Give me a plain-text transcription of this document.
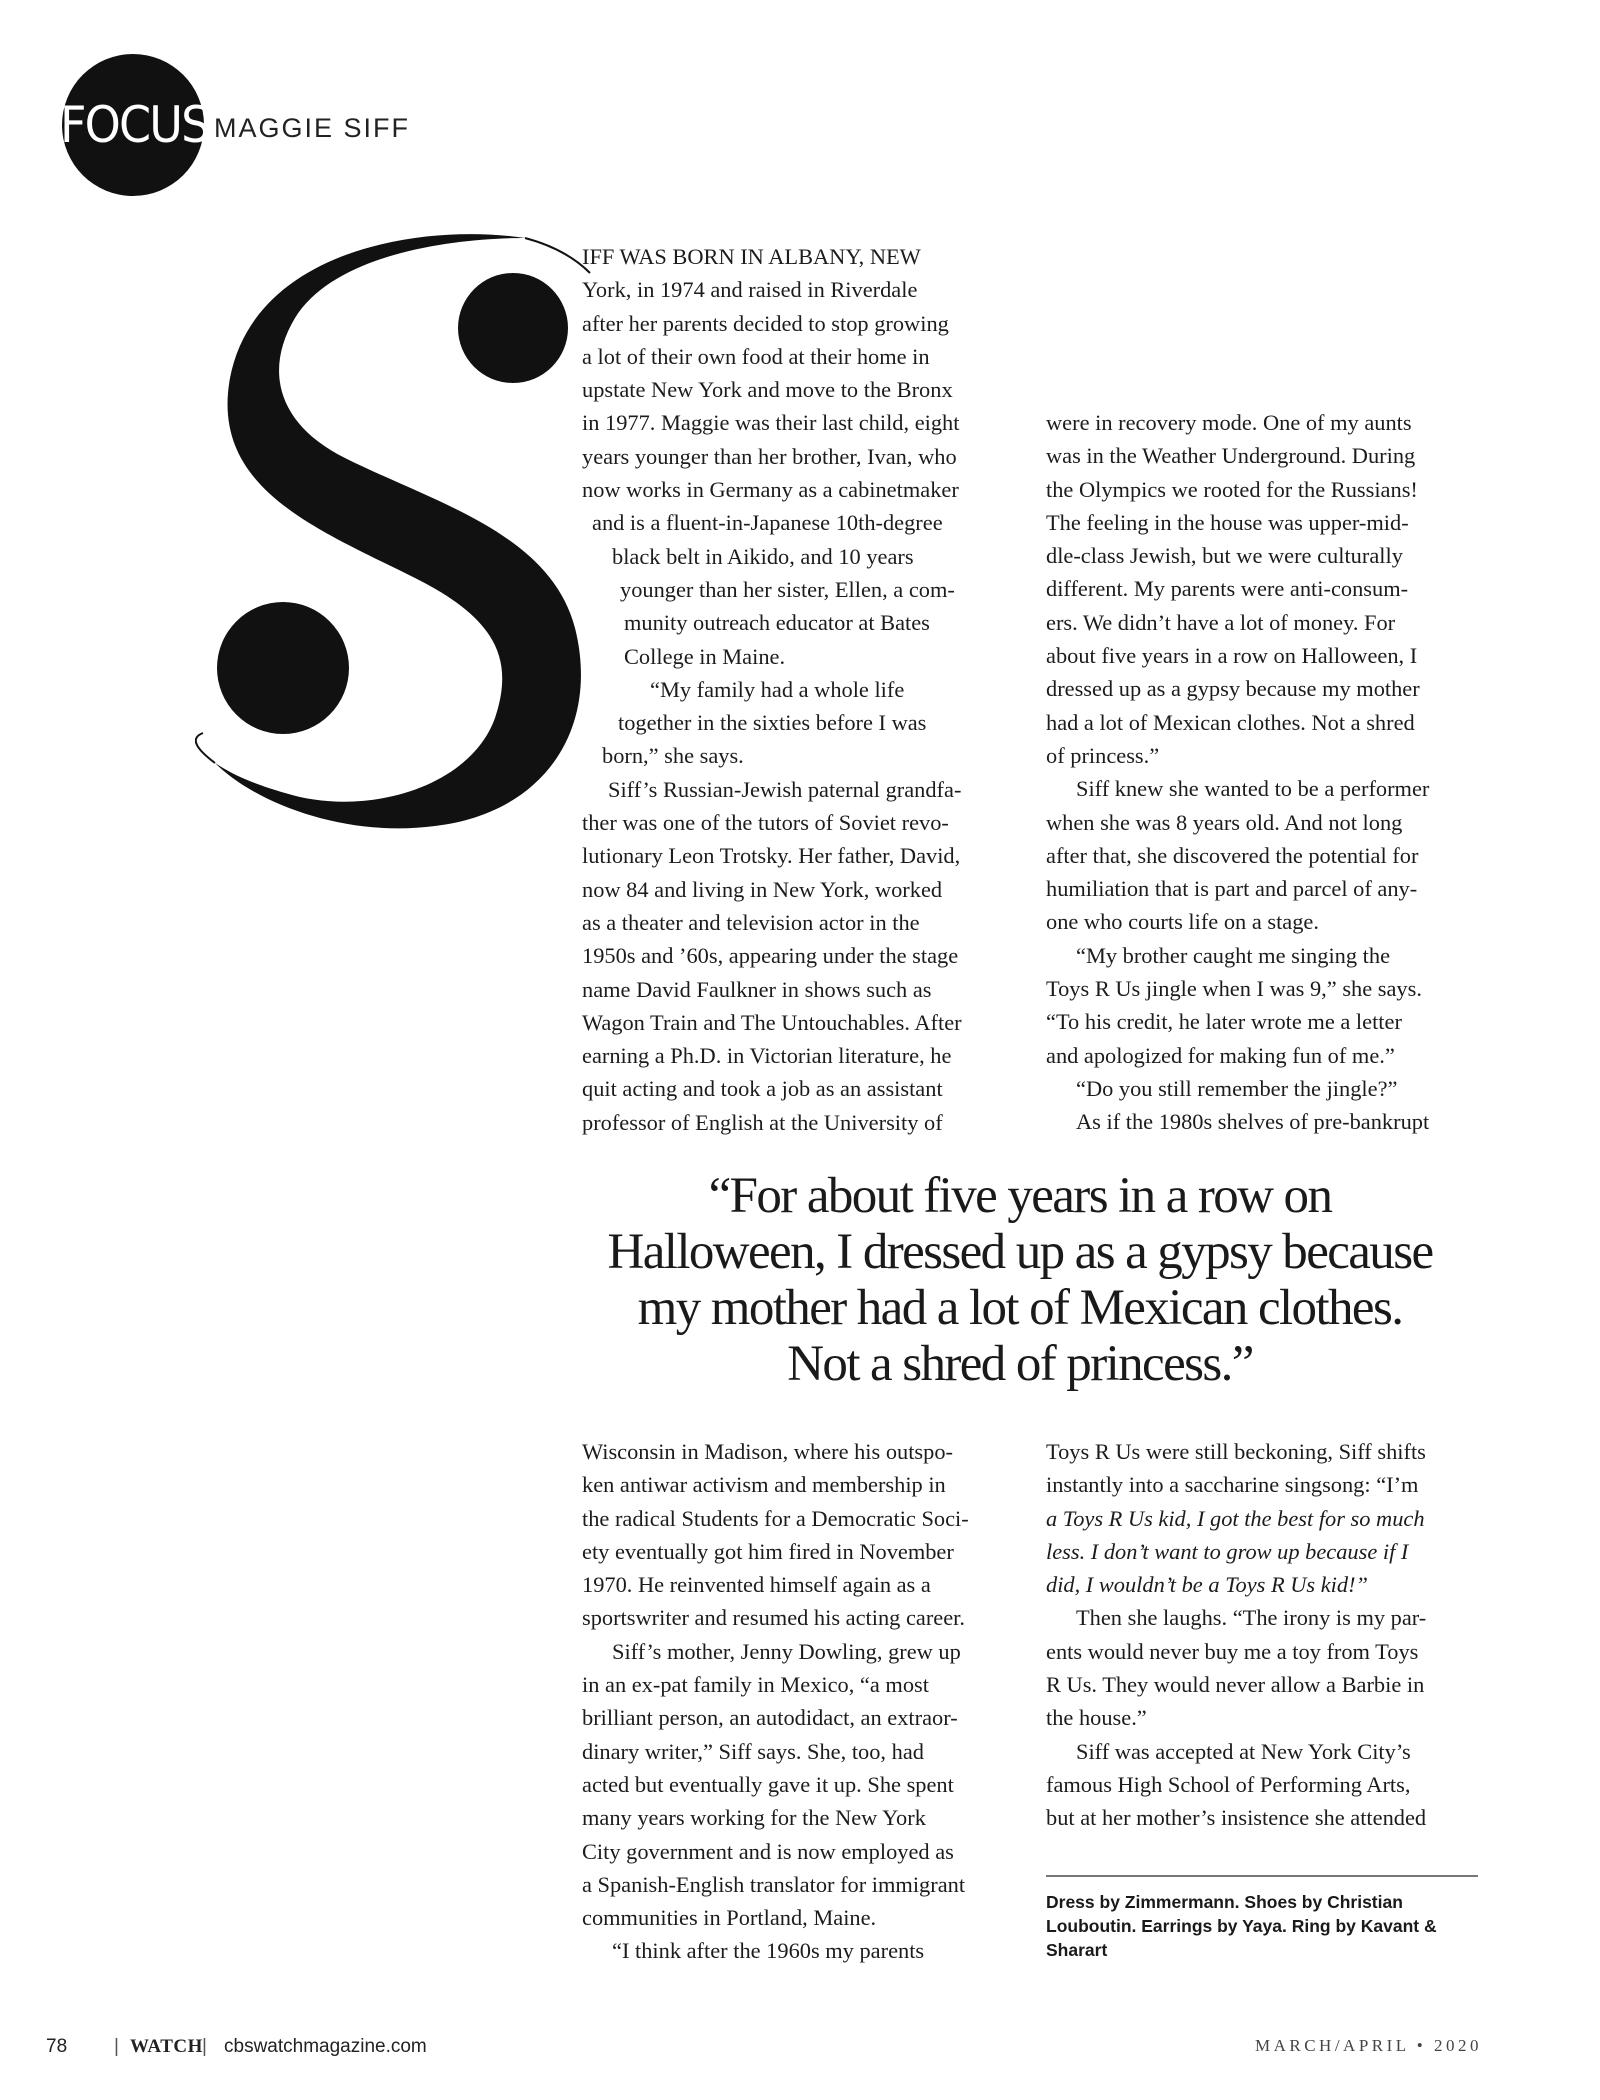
FOCUS MAGGIE SIFF
IFF WAS BORN IN ALBANY, NEW
York, in 1974 and raised in Riverdale
after her parents decided to stop growing
a lot of their own food at their home in
upstate New York and move to the Bronx
in 1977. Maggie was their last child, eight
years younger than her brother, Ivan, who
now works in Germany as a cabinetmaker
and is a fluent-in-Japanese 10th-degree
black belt in Aikido, and 10 years
younger than her sister, Ellen, a com-
munity outreach educator at Bates
College in Maine.
“My family had a whole life
together in the sixties before I was
born,” she says.
Siff’s Russian-Jewish paternal grandfa-
ther was one of the tutors of Soviet revo-
lutionary Leon Trotsky. Her father, David,
now 84 and living in New York, worked
as a theater and television actor in the
1950s and ’60s, appearing under the stage
name David Faulkner in shows such as
Wagon Train and The Untouchables. After
earning a Ph.D. in Victorian literature, he
quit acting and took a job as an assistant
professor of English at the University of
were in recovery mode. One of my aunts
was in the Weather Underground. During
the Olympics we rooted for the Russians!
The feeling in the house was upper-mid-
dle-class Jewish, but we were culturally
different. My parents were anti-consum-
ers. We didn’t have a lot of money. For
about five years in a row on Halloween, I
dressed up as a gypsy because my mother
had a lot of Mexican clothes. Not a shred
of princess.”
Siff knew she wanted to be a performer
when she was 8 years old. And not long
after that, she discovered the potential for
humiliation that is part and parcel of any-
one who courts life on a stage.
“My brother caught me singing the
Toys R Us jingle when I was 9,” she says.
“To his credit, he later wrote me a letter
and apologized for making fun of me.”
“Do you still remember the jingle?”
As if the 1980s shelves of pre-bankrupt
“For about five years in a row on
Halloween, I dressed up as a gypsy because
my mother had a lot of Mexican clothes.
Not a shred of princess.”
Wisconsin in Madison, where his outspo-
ken antiwar activism and membership in
the radical Students for a Democratic Soci-
ety eventually got him fired in November
1970. He reinvented himself again as a
sportswriter and resumed his acting career.
Siff’s mother, Jenny Dowling, grew up
in an ex-pat family in Mexico, “a most
brilliant person, an autodidact, an extraor-
dinary writer,” Siff says. She, too, had
acted but eventually gave it up. She spent
many years working for the New York
City government and is now employed as
a Spanish-English translator for immigrant
communities in Portland, Maine.
“I think after the 1960s my parents
Toys R Us were still beckoning, Siff shifts
instantly into a saccharine singsong: “I’m
a Toys R Us kid, I got the best for so much
less. I don’t want to grow up because if I
did, I wouldn’t be a Toys R Us kid!”
Then she laughs. “The irony is my par-
ents would never buy me a toy from Toys
R Us. They would never allow a Barbie in
the house.”
Siff was accepted at New York City’s
famous High School of Performing Arts,
but at her mother’s insistence she attended
Dress by Zimmermann. Shoes by Christian Louboutin. Earrings by Yaya. Ring by Kavant & Sharart
78 | WATCH | cbswatchmagazine.com	MARCH/APRIL • 2020
